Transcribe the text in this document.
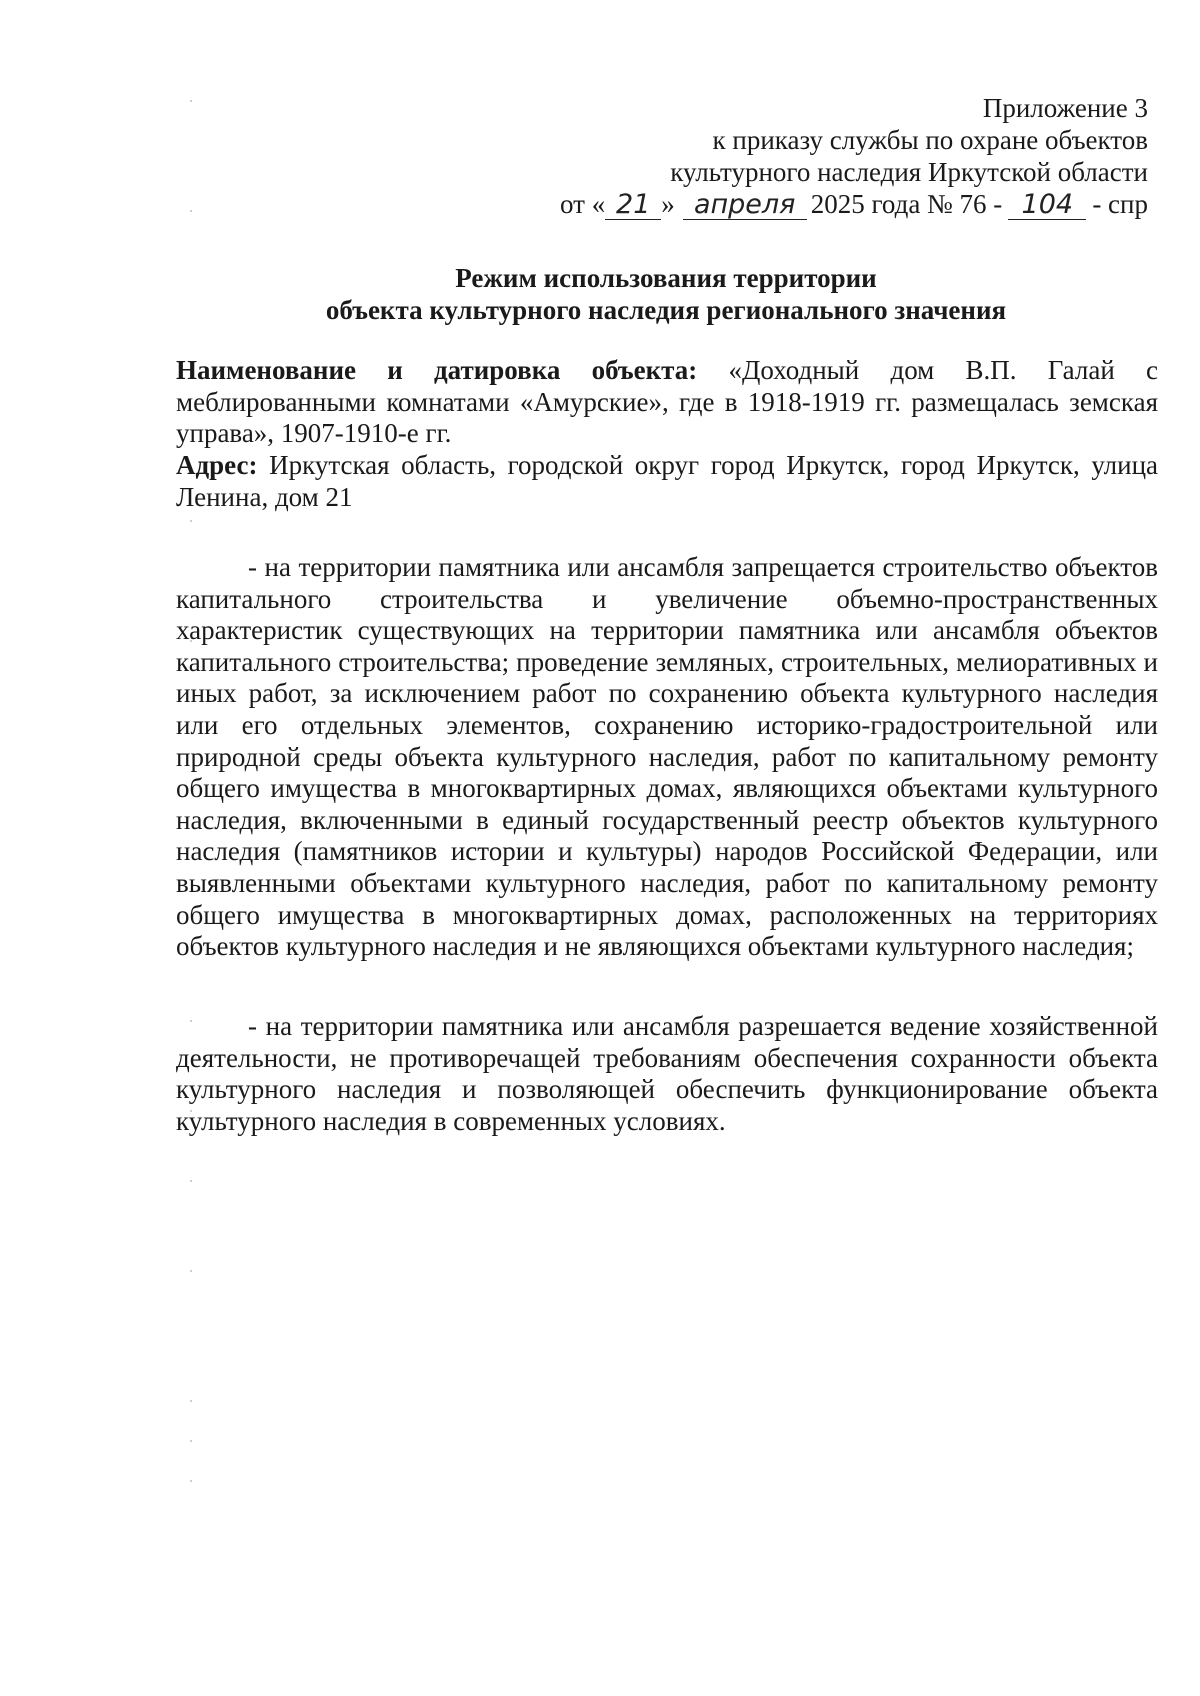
Приложение 3
к приказу службы по охране объектов
культурного наследия Иркутской области
от « 21 » апреля 2025 года № 76 - 104 - спр
Режим использования территории
объекта культурного наследия регионального значения

Наименование и датировка объекта: «Доходный дом В.П. Галай с меблированными комнатами «Амурские», где в 1918-1919 гг. размещалась земская управа», 1907-1910-е гг.

Адрес: Иркутская область, городской округ город Иркутск, город Иркутск, улица Ленина, дом 21

- на территории памятника или ансамбля запрещается строительство объектов капитального строительства и увеличение объемно-пространственных характеристик существующих на территории памятника или ансамбля объектов капитального строительства; проведение земляных, строительных, мелиоративных и иных работ, за исключением работ по сохранению объекта культурного наследия или его отдельных элементов, сохранению историко-градостроительной или природной среды объекта культурного наследия, работ по капитальному ремонту общего имущества в многоквартирных домах, являющихся объектами культурного наследия, включенными в единый государственный реестр объектов культурного наследия (памятников истории и культуры) народов Российской Федерации, или выявленными объектами культурного наследия, работ по капитальному ремонту общего имущества в многоквартирных домах, расположенных на территориях объектов культурного наследия и не являющихся объектами культурного наследия;

- на территории памятника или ансамбля разрешается ведение хозяйственной деятельности, не противоречащей требованиям обеспечения сохранности объекта культурного наследия и позволяющей обеспечить функционирование объекта культурного наследия в современных условиях.
